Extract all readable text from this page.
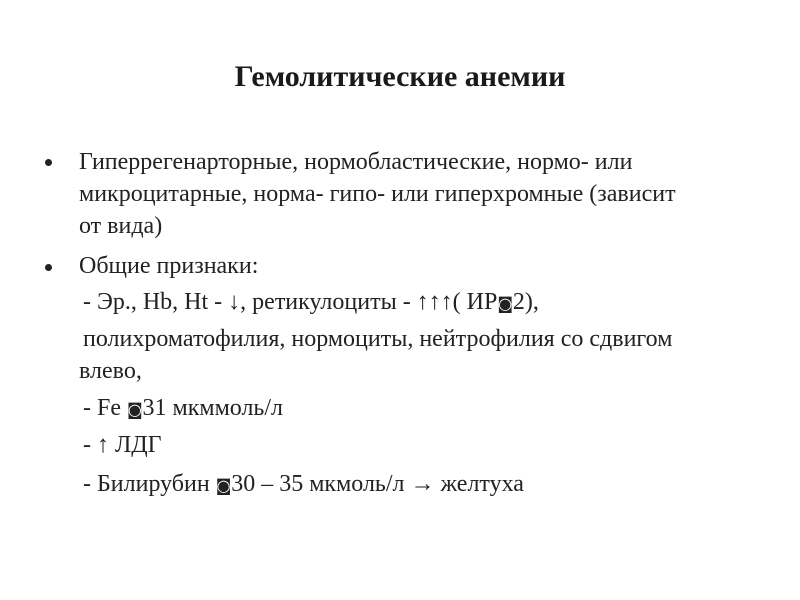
Гемолитические анемии
Гиперрегенарторные, нормобластические, нормо- или
микроцитарные, норма- гипо- или гиперхромные (зависит
от вида)
Общие признаки:
- Эр., Hb, Ht - ↓, ретикулоциты - ↑↑↑( ИР◙2),
полихроматофилия, нормоциты, нейтрофилия со сдвигом
влево,
- Fe ◙31 мкммоль/л
- ↑ ЛДГ
- Билирубин ◙30 – 35 мкмоль/л → желтуха
